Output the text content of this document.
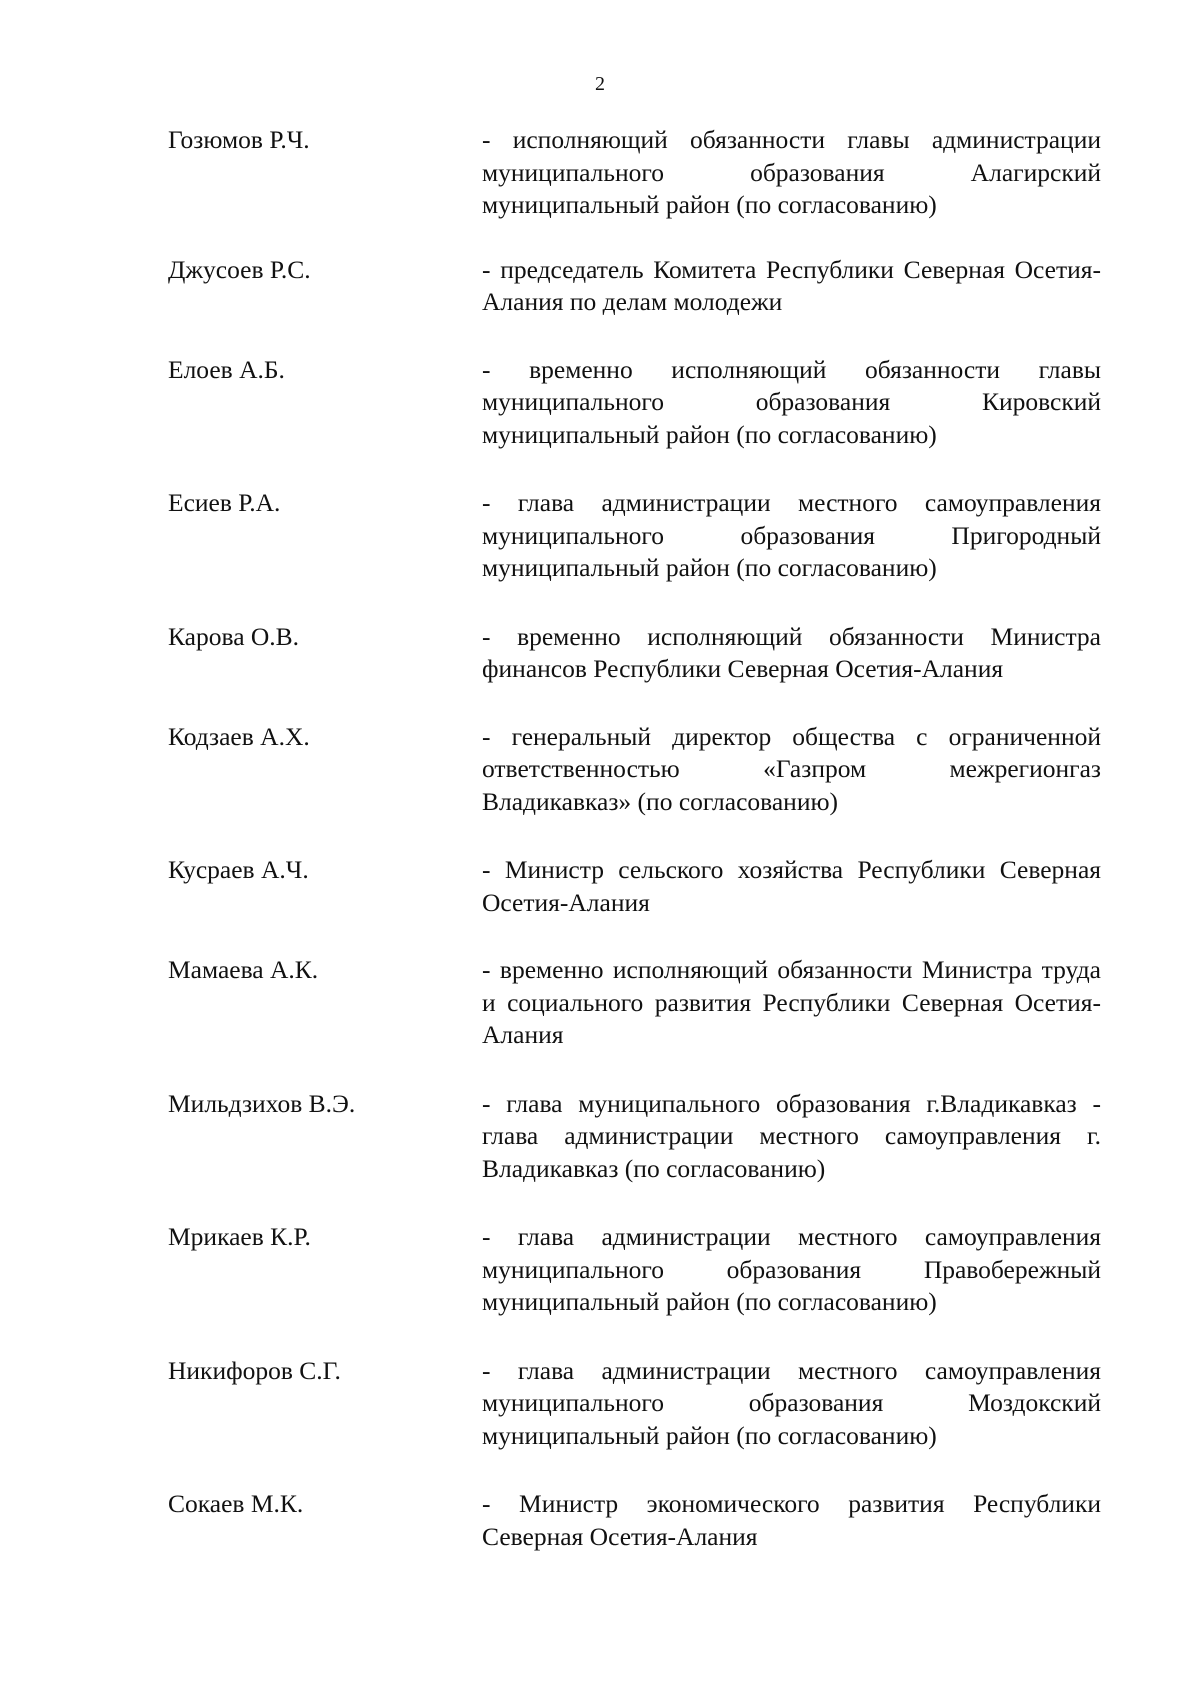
2
Гозюмов Р.Ч.	- исполняющий обязанности главы администрации муниципального образования Алагирский муниципальный район (по согласованию)
Джусоев Р.С.	- председатель Комитета Республики Северная Осетия-Алания по делам молодежи
Елоев А.Б.	- временно исполняющий обязанности главы муниципального образования Кировский муниципальный район (по согласованию)
Есиев Р.А.	- глава администрации местного самоуправления муниципального образования Пригородный муниципальный район (по согласованию)
Карова О.В.	- временно исполняющий обязанности Министра финансов Республики Северная Осетия-Алания
Кодзаев А.Х.	- генеральный директор общества с ограниченной ответственностью «Газпром межрегионгаз Владикавказ» (по согласованию)
Кусраев А.Ч.	- Министр сельского хозяйства Республики Северная Осетия-Алания
Мамаева А.К.	- временно исполняющий обязанности Министра труда и социального развития Республики Северная Осетия-Алания
Мильдзихов В.Э.	- глава муниципального образования г.Владикавказ - глава администрации местного самоуправления г. Владикавказ (по согласованию)
Мрикаев К.Р.	- глава администрации местного самоуправления муниципального образования Правобережный муниципальный район (по согласованию)
Никифоров С.Г.	- глава администрации местного самоуправления муниципального образования Моздокский муниципальный район (по согласованию)
Сокаев М.К.	- Министр экономического развития Республики Северная Осетия-Алания
